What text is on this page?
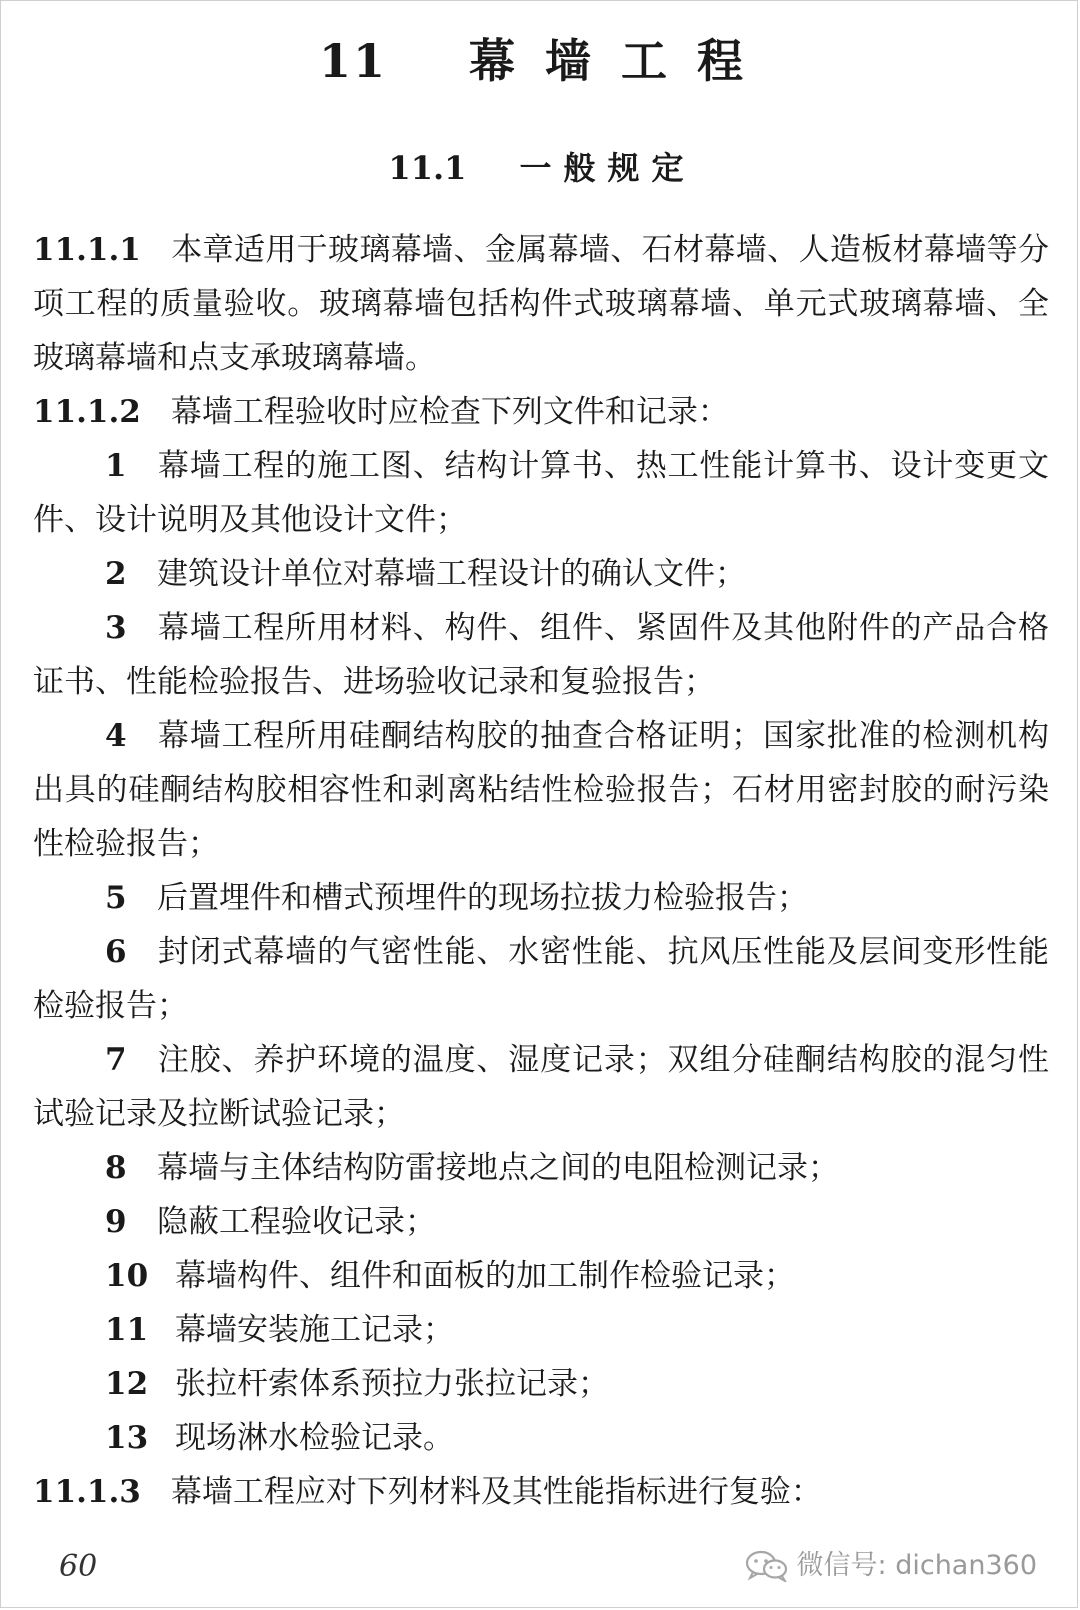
11 幕 墙 工 程
11.1 一 般 规 定

11.1.1 本章适用于玻璃幕墙、金属幕墙、石材幕墙、人造板材幕墙等分项工程的质量验收。玻璃幕墙包括构件式玻璃幕墙、单元式玻璃幕墙、全玻璃幕墙和点支承玻璃幕墙。

11.1.2 幕墙工程验收时应检查下列文件和记录：

1 幕墙工程的施工图、结构计算书、热工性能计算书、设计变更文件、设计说明及其他设计文件；

2 建筑设计单位对幕墙工程设计的确认文件；

3 幕墙工程所用材料、构件、组件、紧固件及其他附件的产品合格证书、性能检验报告、进场验收记录和复验报告；

4 幕墙工程所用硅酮结构胶的抽查合格证明；国家批准的检测机构出具的硅酮结构胶相容性和剥离粘结性检验报告；石材用密封胶的耐污染性检验报告；

5 后置埋件和槽式预埋件的现场拉拔力检验报告；

6 封闭式幕墙的气密性能、水密性能、抗风压性能及层间变形性能检验报告；

7 注胶、养护环境的温度、湿度记录；双组分硅酮结构胶的混匀性试验记录及拉断试验记录；

8 幕墙与主体结构防雷接地点之间的电阻检测记录；

9 隐蔽工程验收记录；

10 幕墙构件、组件和面板的加工制作检验记录；

11 幕墙安装施工记录；

12 张拉杆索体系预拉力张拉记录；

13 现场淋水检验记录。

11.1.3 幕墙工程应对下列材料及其性能指标进行复验：

60	微信号: dichan360
